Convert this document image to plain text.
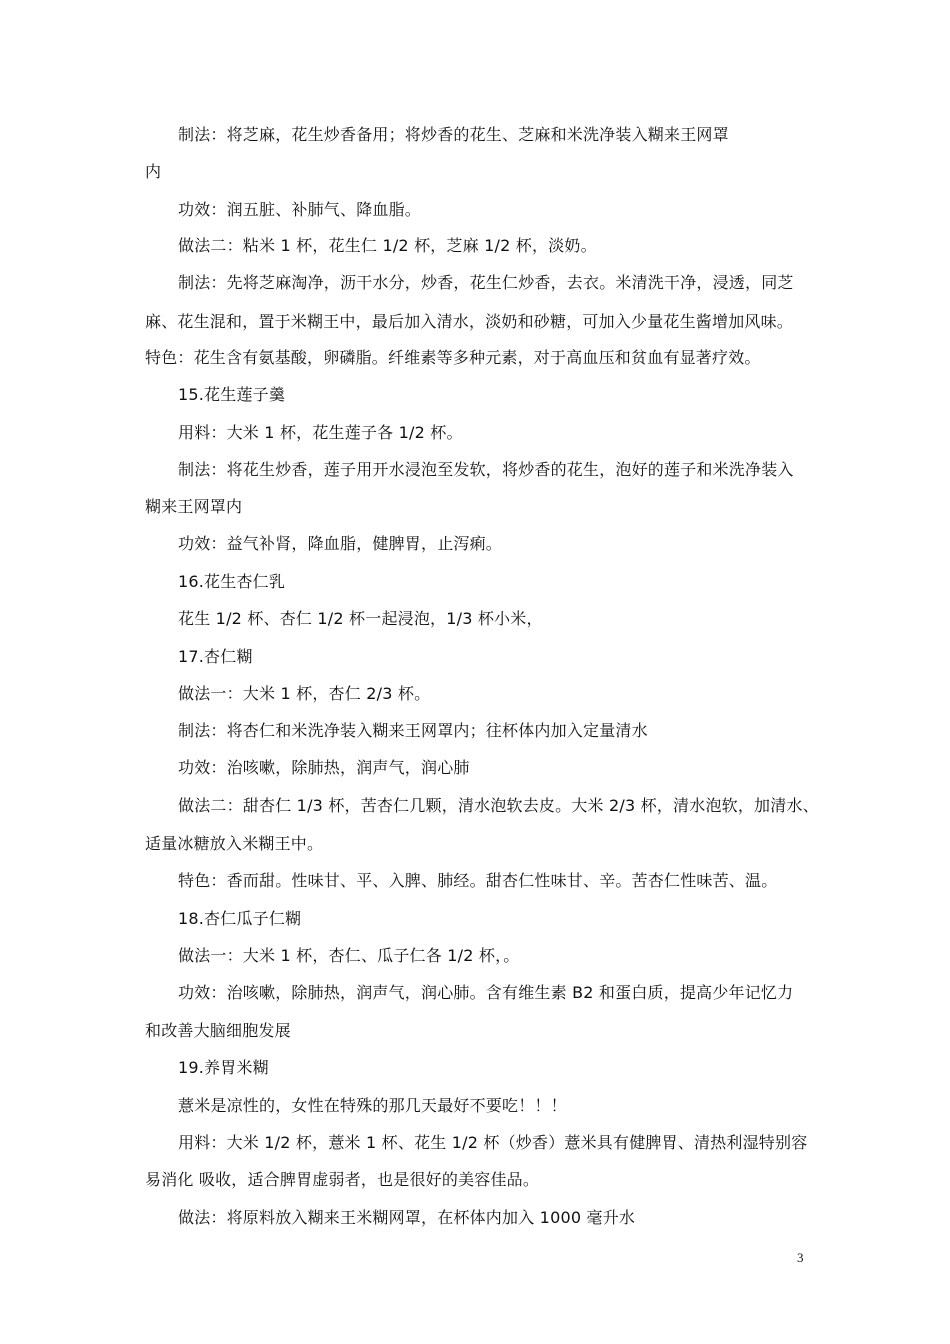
制法：将芝麻，花生炒香备用；将炒香的花生、芝麻和米洗净装入糊来王网罩
内
功效：润五脏、补肺气、降血脂。
做法二：粘米 1 杯，花生仁 1/2 杯，芝麻 1/2 杯，淡奶。
制法：先将芝麻淘净，沥干水分，炒香，花生仁炒香，去衣。米清洗干净，浸透，同芝
麻、花生混和，置于米糊王中，最后加入清水，淡奶和砂糖，可加入少量花生酱增加风味。
特色：花生含有氨基酸，卵磷脂。纤维素等多种元素，对于高血压和贫血有显著疗效。
15.花生莲子羹
用料：大米 1 杯，花生莲子各 1/2 杯。
制法：将花生炒香，莲子用开水浸泡至发软，将炒香的花生，泡好的莲子和米洗净装入
糊来王网罩内
功效：益气补肾，降血脂，健脾胃，止泻痢。
16.花生杏仁乳
花生 1/2 杯、杏仁 1/2 杯一起浸泡，1/3 杯小米，
17.杏仁糊
做法一：大米 1 杯，杏仁 2/3 杯。
制法：将杏仁和米洗净装入糊来王网罩内；往杯体内加入定量清水
功效：治咳嗽，除肺热，润声气，润心肺
做法二：甜杏仁 1/3 杯，苦杏仁几颗，清水泡软去皮。大米 2/3 杯，清水泡软，加清水、
适量冰糖放入米糊王中。
特色：香而甜。性味甘、平、入脾、肺经。甜杏仁性味甘、辛。苦杏仁性味苦、温。
18.杏仁瓜子仁糊
做法一：大米 1 杯，杏仁、瓜子仁各 1/2 杯，。
功效：治咳嗽，除肺热，润声气，润心肺。含有维生素 B2 和蛋白质，提高少年记忆力
和改善大脑细胞发展
19.养胃米糊
薏米是凉性的，女性在特殊的那几天最好不要吃！！！
用料：大米 1/2 杯，薏米 1 杯、花生 1/2 杯（炒香）薏米具有健脾胃、清热利湿特别容
易消化 吸收，适合脾胃虚弱者，也是很好的美容佳品。
做法：将原料放入糊来王米糊网罩，在杯体内加入 1000 毫升水
3
